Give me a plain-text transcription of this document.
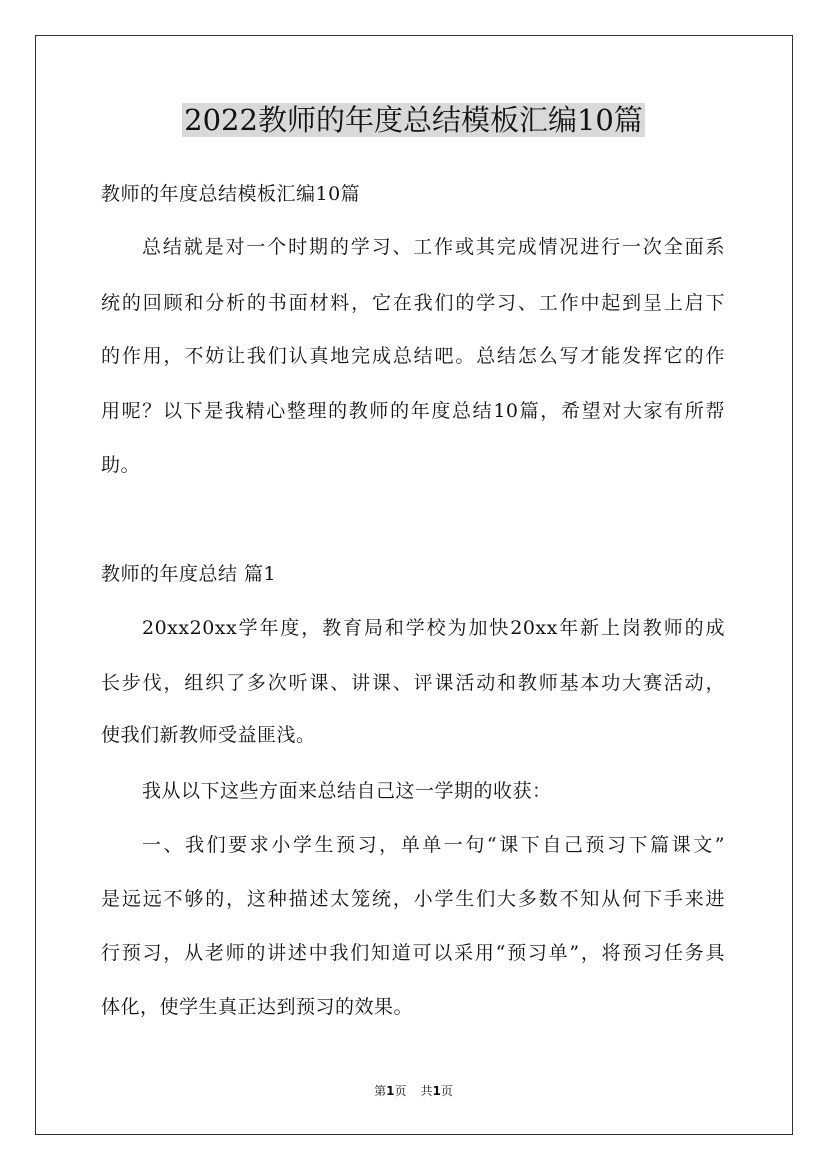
2022教师的年度总结模板汇编10篇
教师的年度总结模板汇编10篇
总结就是对一个时期的学习、工作或其完成情况进行一次全面系
统的回顾和分析的书面材料，它在我们的学习、工作中起到呈上启下
的作用，不妨让我们认真地完成总结吧。总结怎么写才能发挥它的作
用呢？以下是我精心整理的教师的年度总结10篇，希望对大家有所帮
助。
教师的年度总结 篇1
20xx20xx学年度，教育局和学校为加快20xx年新上岗教师的成
长步伐，组织了多次听课、讲课、评课活动和教师基本功大赛活动，
使我们新教师受益匪浅。
我从以下这些方面来总结自己这一学期的收获：
一、我们要求小学生预习，单单一句“课下自己预习下篇课文”
是远远不够的，这种描述太笼统，小学生们大多数不知从何下手来进
行预习，从老师的讲述中我们知道可以采用“预习单”，将预习任务具
体化，使学生真正达到预习的效果。
第1页 共1页
